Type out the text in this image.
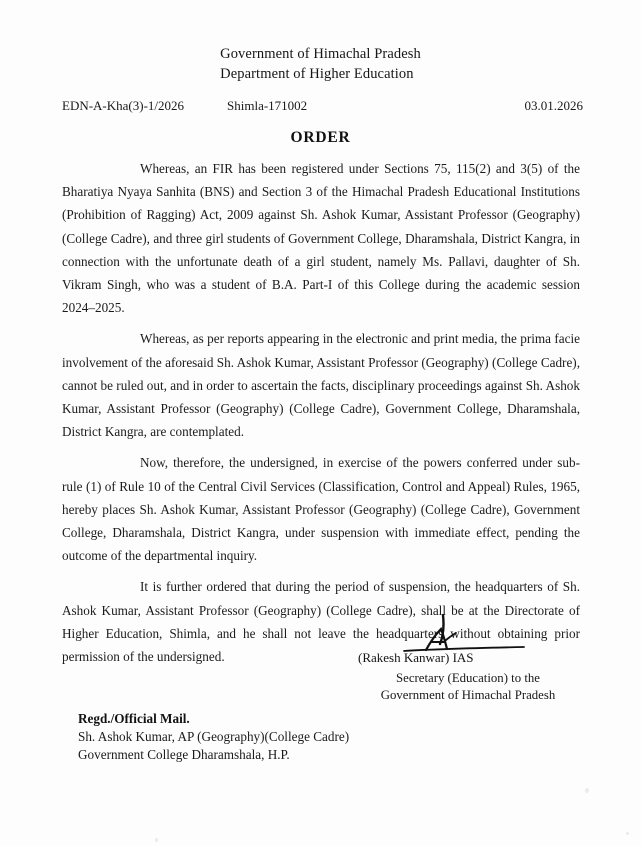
Government of Himachal Pradesh
Department of Higher Education
EDN-A-Kha(3)-1/2026	Shimla-171002	03.01.2026
ORDER

Whereas, an FIR has been registered under Sections 75, 115(2) and 3(5) of the Bharatiya Nyaya Sanhita (BNS) and Section 3 of the Himachal Pradesh Educational Institutions (Prohibition of Ragging) Act, 2009 against Sh. Ashok Kumar, Assistant Professor (Geography) (College Cadre), and three girl students of Government College, Dharamshala, District Kangra, in connection with the unfortunate death of a girl student, namely Ms. Pallavi, daughter of Sh. Vikram Singh, who was a student of B.A. Part-I of this College during the academic session 2024–2025.

Whereas, as per reports appearing in the electronic and print media, the prima facie involvement of the aforesaid Sh. Ashok Kumar, Assistant Professor (Geography) (College Cadre), cannot be ruled out, and in order to ascertain the facts, disciplinary proceedings against Sh. Ashok Kumar, Assistant Professor (Geography) (College Cadre), Government College, Dharamshala, District Kangra, are contemplated.

Now, therefore, the undersigned, in exercise of the powers conferred under sub-rule (1) of Rule 10 of the Central Civil Services (Classification, Control and Appeal) Rules, 1965, hereby places Sh. Ashok Kumar, Assistant Professor (Geography) (College Cadre), Government College, Dharamshala, District Kangra, under suspension with immediate effect, pending the outcome of the departmental inquiry.

It is further ordered that during the period of suspension, the headquarters of Sh. Ashok Kumar, Assistant Professor (Geography) (College Cadre), shall be at the Directorate of Higher Education, Shimla, and he shall not leave the headquarters without obtaining prior permission of the undersigned.	(Rakesh Kanwar) IAS
Secretary (Education) to the
Government of Himachal Pradesh
Regd./Official Mail.
Sh. Ashok Kumar, AP (Geography)(College Cadre)
Government College Dharamshala, H.P.
